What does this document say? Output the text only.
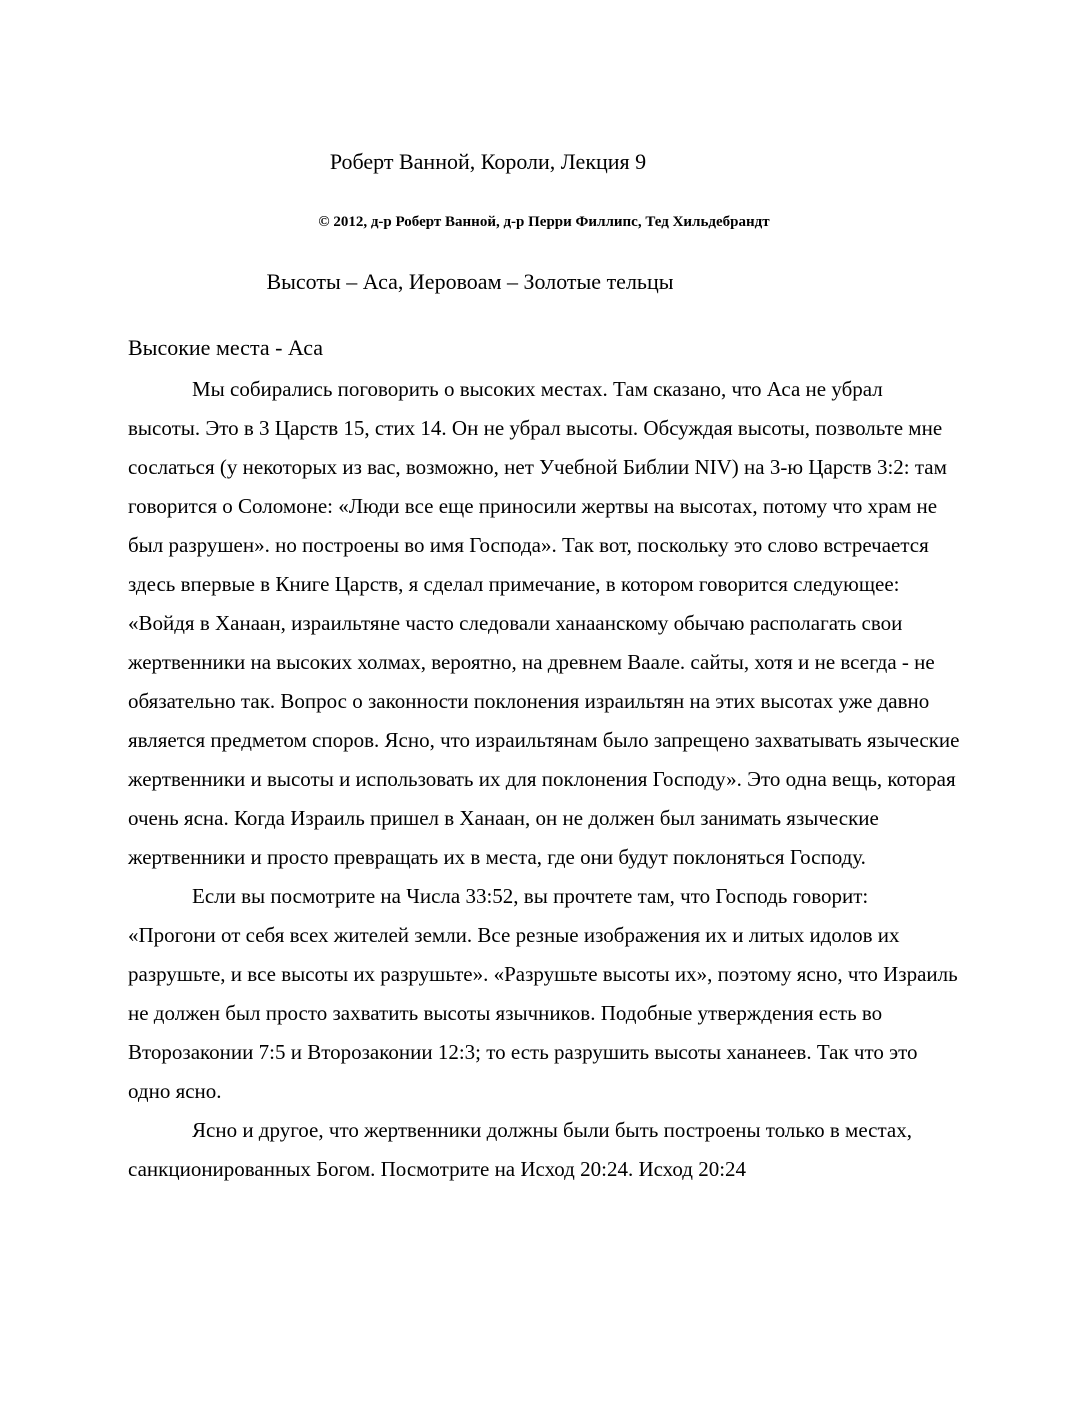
Роберт Ванной, Короли, Лекция 9

© 2012, д-р Роберт Ванной, д-р Перри Филлипс, Тед Хильдебрандт

Высоты – Аса, Иеровоам – Золотые тельцы
Высокие места - Аса

Мы собирались поговорить о высоких местах. Там сказано, что Аса не убрал высоты. Это в 3 Царств 15, стих 14. Он не убрал высоты. Обсуждая высоты, позвольте мне сослаться (у некоторых из вас, возможно, нет Учебной Библии NIV) на 3-ю Царств 3:2: там говорится о Соломоне: «Люди все еще приносили жертвы на высотах, потому что храм не был разрушен». но построены во имя Господа». Так вот, поскольку это слово встречается здесь впервые в Книге Царств, я сделал примечание, в котором говорится следующее: «Войдя в Ханаан, израильтяне часто следовали ханаанскому обычаю располагать свои жертвенники на высоких холмах, вероятно, на древнем Ваале. сайты, хотя и не всегда - не обязательно так. Вопрос о законности поклонения израильтян на этих высотах уже давно является предметом споров. Ясно, что израильтянам было запрещено захватывать языческие жертвенники и высоты и использовать их для поклонения Господу». Это одна вещь, которая очень ясна. Когда Израиль пришел в Ханаан, он не должен был занимать языческие жертвенники и просто превращать их в места, где они будут поклоняться Господу.

Если вы посмотрите на Числа 33:52, вы прочтете там, что Господь говорит: «Прогони от себя всех жителей земли. Все резные изображения их и литых идолов их разрушьте, и все высоты их разрушьте». «Разрушьте высоты их», поэтому ясно, что Израиль не должен был просто захватить высоты язычников. Подобные утверждения есть во Второзаконии 7:5 и Второзаконии 12:3; то есть разрушить высоты хананеев. Так что это одно ясно.

Ясно и другое, что жертвенники должны были быть построены только в местах, санкционированных Богом. Посмотрите на Исход 20:24. Исход 20:24
